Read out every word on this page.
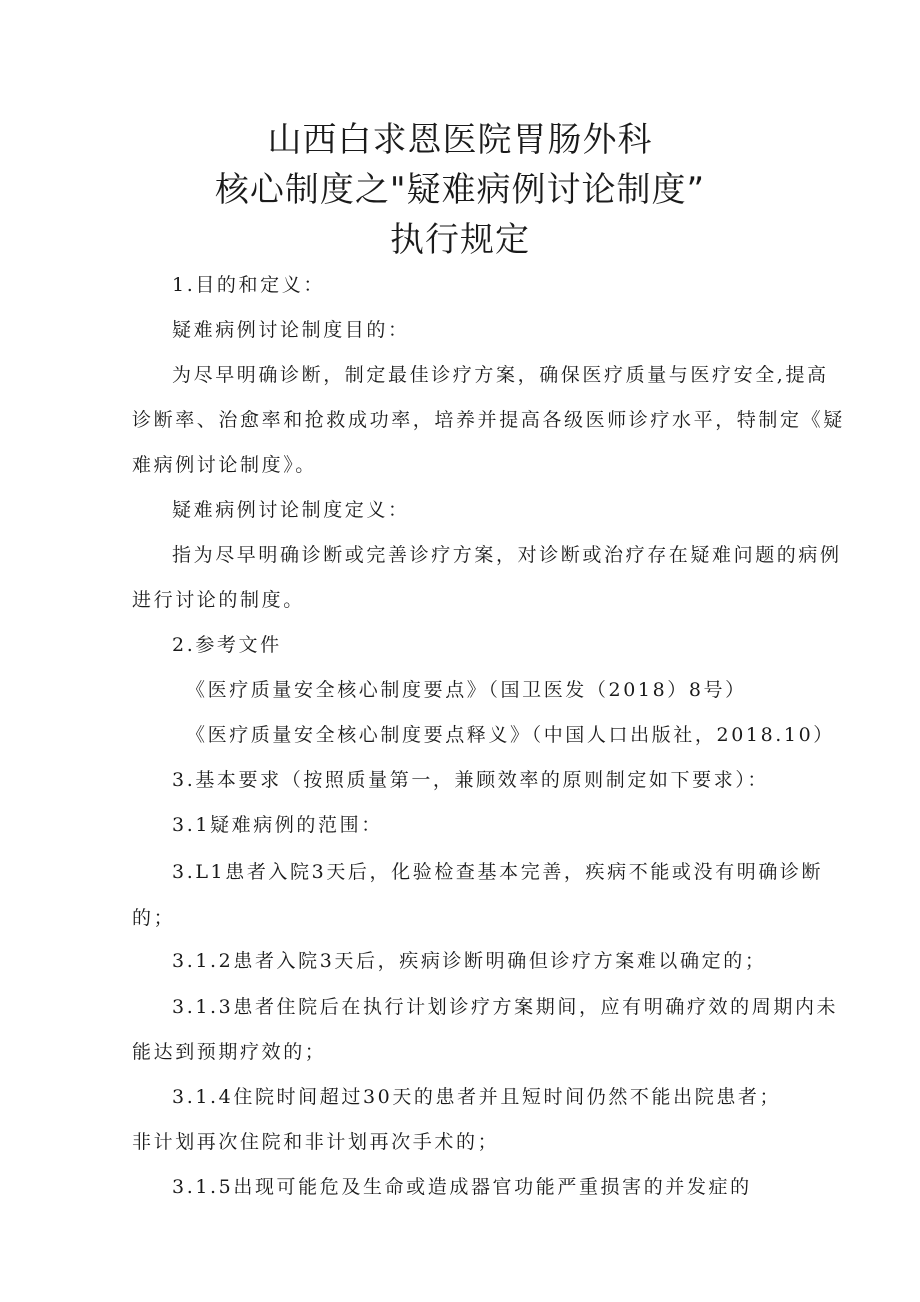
山西白求恩医院胃肠外科
核心制度之"疑难病例讨论制度”
执行规定

1.目的和定义：

疑难病例讨论制度目的：

为尽早明确诊断，制定最佳诊疗方案，确保医疗质量与医疗安全,提高

诊断率、治愈率和抢救成功率，培养并提高各级医师诊疗水平，特制定《疑

难病例讨论制度》。

疑难病例讨论制度定义：

指为尽早明确诊断或完善诊疗方案，对诊断或治疗存在疑难问题的病例

进行讨论的制度。

2.参考文件

《医疗质量安全核心制度要点》（国卫医发（2018）8号）

《医疗质量安全核心制度要点释义》（中国人口出版社，2018.10）

3.基本要求（按照质量第一，兼顾效率的原则制定如下要求）：

3.1疑难病例的范围：

3.L1患者入院3天后，化验检查基本完善，疾病不能或没有明确诊断

的；

3.1.2患者入院3天后，疾病诊断明确但诊疗方案难以确定的；

3.1.3患者住院后在执行计划诊疗方案期间，应有明确疗效的周期内未

能达到预期疗效的；

3.1.4住院时间超过30天的患者并且短时间仍然不能出院患者；

非计划再次住院和非计划再次手术的；

3.1.5出现可能危及生命或造成器官功能严重损害的并发症的
